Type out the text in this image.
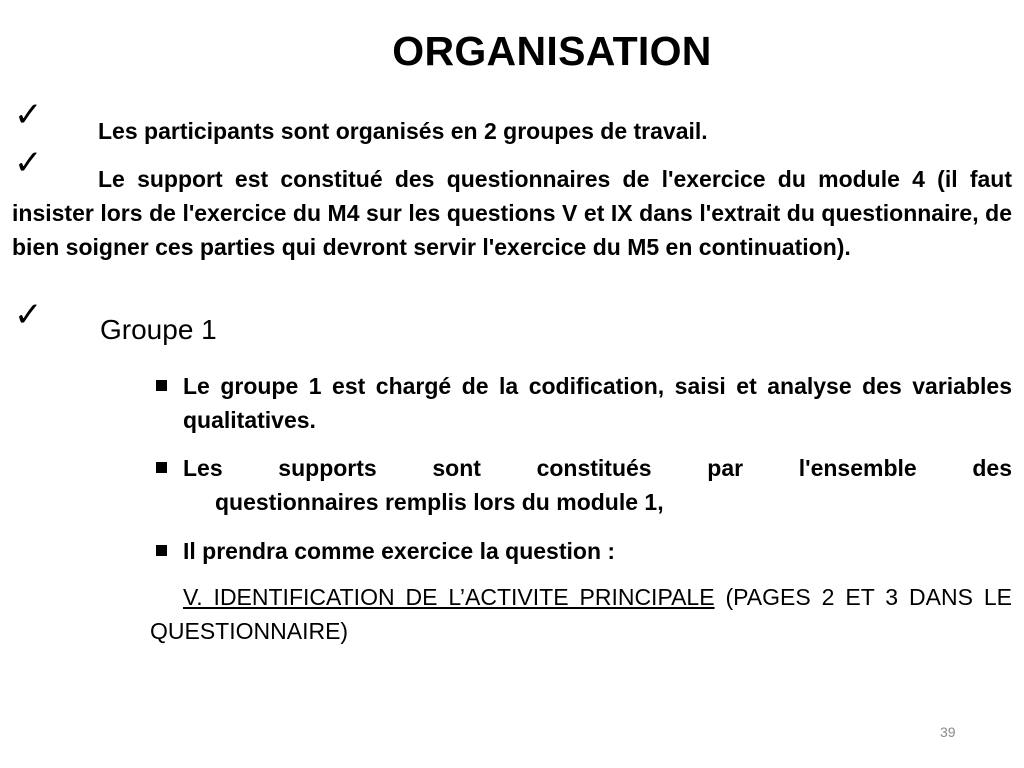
ORGANISATION
✓	Les participants sont organisés en 2 groupes de travail.
✓	Le support est constitué des questionnaires de l'exercice du module 4 (il faut insister lors de l'exercice du M4 sur les questions V et IX dans l'extrait du questionnaire, de bien soigner ces parties qui devront servir l'exercice du M5 en continuation).
✓ Groupe 1
Le groupe 1 est chargé de la codification, saisi et analyse des variables qualitatives.
Les supports sont constitués par l'ensemble des
questionnaires remplis lors du module 1,
Il prendra comme exercice la question :
V. IDENTIFICATION DE L’ACTIVITE PRINCIPALE (PAGES 2 ET 3 DANS LE QUESTIONNAIRE)
39
